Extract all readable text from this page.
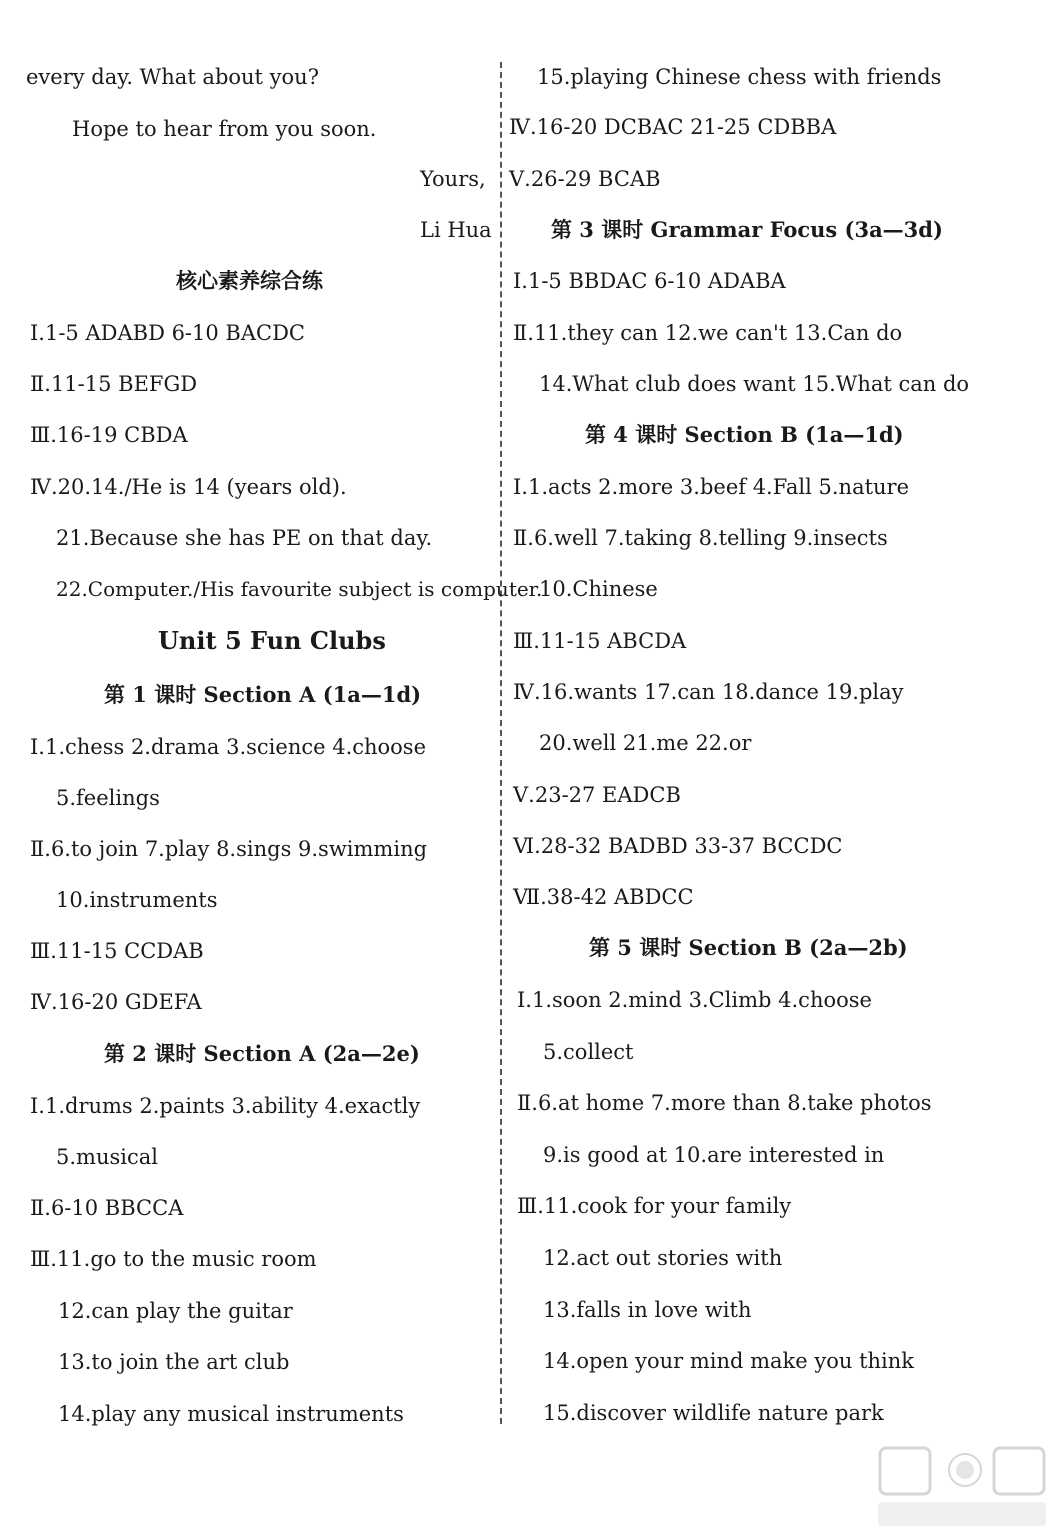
every day. What about you?
Hope to hear from you soon.
Yours,
Li Hua
核心素养综合练
Ⅰ.1-5 ADABD 6-10 BACDC
Ⅱ.11-15 BEFGD
Ⅲ.16-19 CBDA
Ⅳ.20.14./He is 14 (years old).
21.Because she has PE on that day.
22.Computer./His favourite subject is computer.
Unit 5 Fun Clubs
第 1 课时 Section A (1a—1d)
Ⅰ.1.chess 2.drama 3.science 4.choose
5.feelings
Ⅱ.6.to join 7.play 8.sings 9.swimming
10.instruments
Ⅲ.11-15 CCDAB
Ⅳ.16-20 GDEFA
第 2 课时 Section A (2a—2e)
Ⅰ.1.drums 2.paints 3.ability 4.exactly
5.musical
Ⅱ.6-10 BBCCA
Ⅲ.11.go to the music room
12.can play the guitar
13.to join the art club
14.play any musical instruments
15.playing Chinese chess with friends
Ⅳ.16-20 DCBAC 21-25 CDBBA
Ⅴ.26-29 BCAB
第 3 课时 Grammar Focus (3a—3d)
Ⅰ.1-5 BBDAC 6-10 ADABA
Ⅱ.11.they can 12.we can't 13.Can do
14.What club does want 15.What can do
第 4 课时 Section B (1a—1d)
Ⅰ.1.acts 2.more 3.beef 4.Fall 5.nature
Ⅱ.6.well 7.taking 8.telling 9.insects
10.Chinese
Ⅲ.11-15 ABCDA
Ⅳ.16.wants 17.can 18.dance 19.play
20.well 21.me 22.or
Ⅴ.23-27 EADCB
Ⅵ.28-32 BADBD 33-37 BCCDC
Ⅶ.38-42 ABDCC
第 5 课时 Section B (2a—2b)
Ⅰ.1.soon 2.mind 3.Climb 4.choose
5.collect
Ⅱ.6.at home 7.more than 8.take photos
9.is good at 10.are interested in
Ⅲ.11.cook for your family
12.act out stories with
13.falls in love with
14.open your mind make you think
15.discover wildlife nature park
